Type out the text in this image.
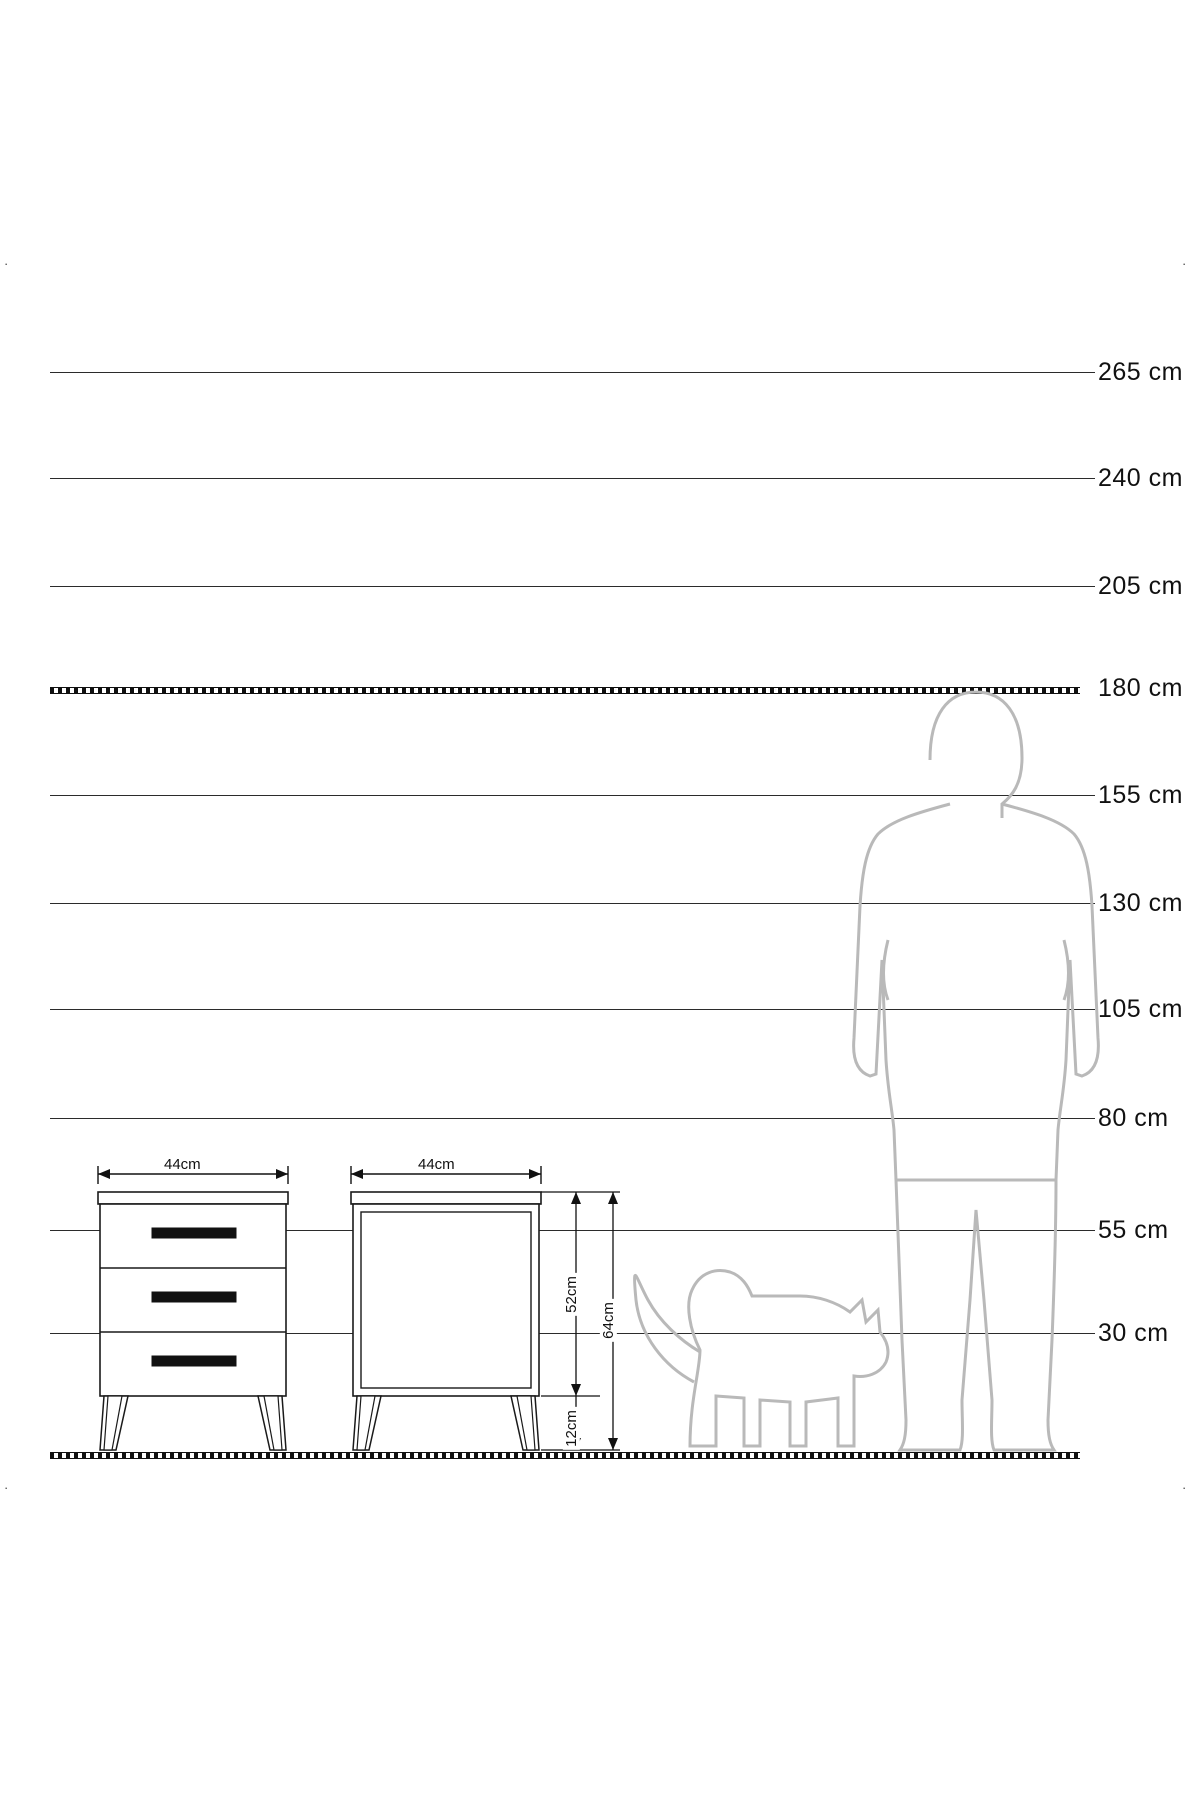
·	·
·	·
265 cm
240 cm
205 cm
180 cm
155 cm
130 cm
105 cm
80 cm
55 cm
30 cm
44cm	44cm
52cm
64cm
12cm
